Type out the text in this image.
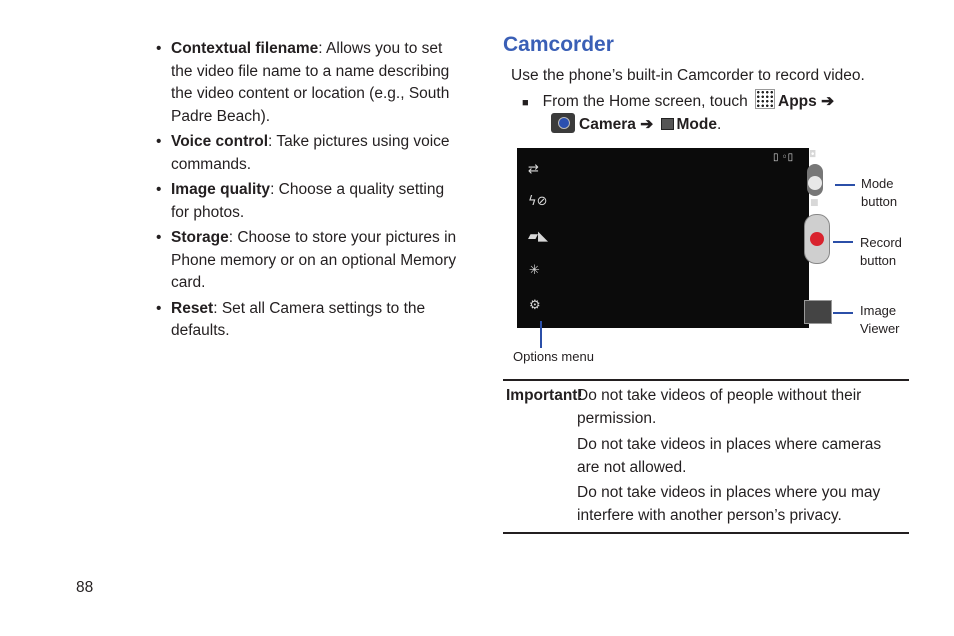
• Contextual filename: Allows you to set the video file name to a name describing the video content or location (e.g., South Padre Beach).
• Voice control: Take pictures using voice commands.
• Image quality: Choose a quality setting for photos.
• Storage: Choose to store your pictures in Phone memory or on an optional Memory card.
• Reset: Set all Camera settings to the defaults.
Camcorder
Use the phone’s built-in Camcorder to record video.
■ From the Home screen, touch Apps ➔
Camera ➔ Mode.
⇄
ϟ⊘
▰◣
✳
⚙
▯ ◦▯ ◘
■
Mode
button
Record
button
Image
Viewer
Options menu
Important!
Do not take videos of people without their permission.
Do not take videos in places where cameras are not allowed.
Do not take videos in places where you may interfere with another person’s privacy.
88
